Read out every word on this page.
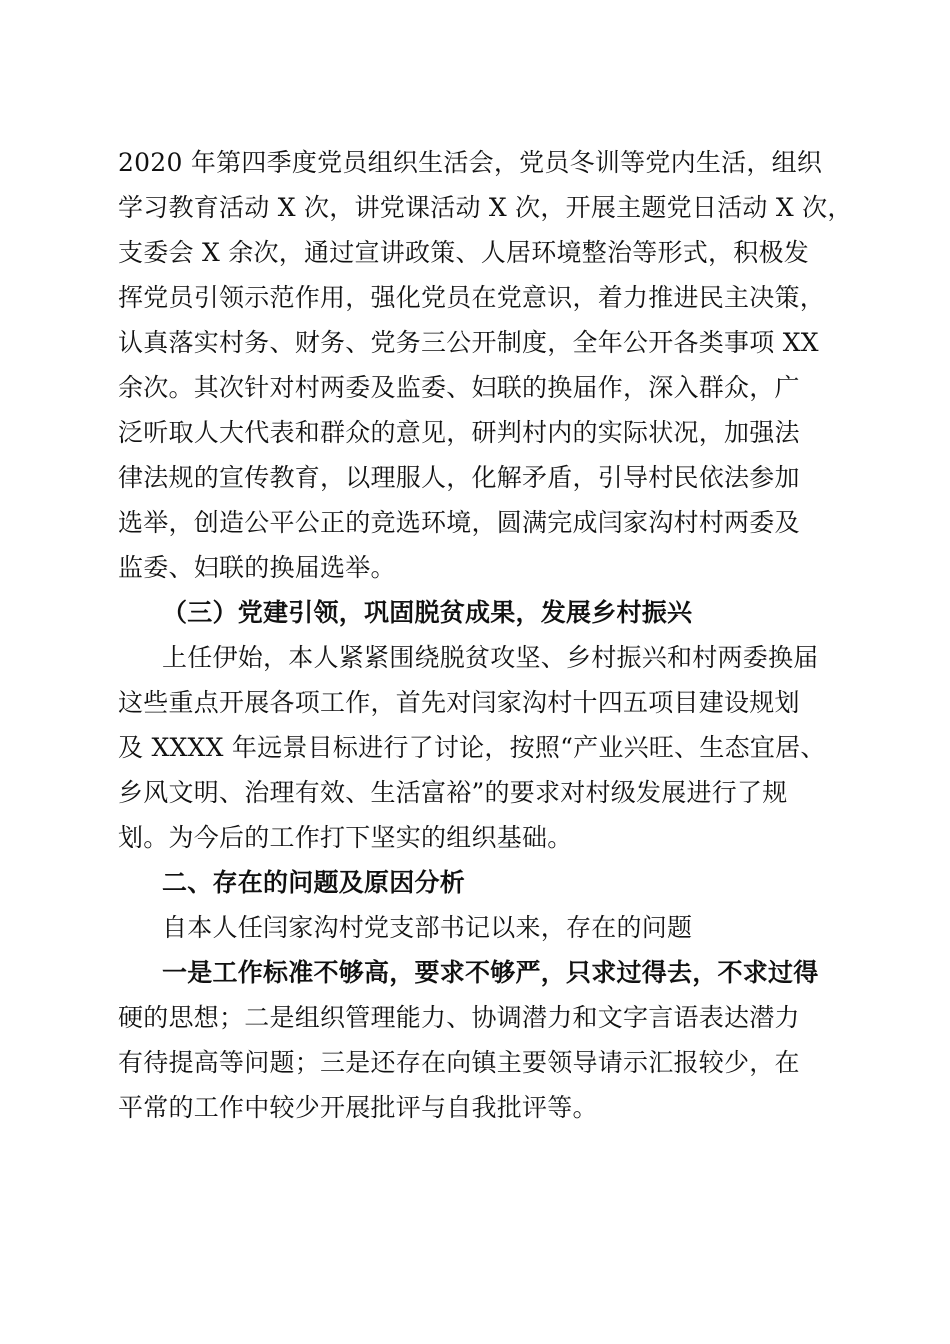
2020 年第四季度党员组织生活会，党员冬训等党内生活，组织
学习教育活动 X 次，讲党课活动 X 次，开展主题党日活动 X 次，
支委会 X 余次，通过宣讲政策、人居环境整治等形式，积极发
挥党员引领示范作用，强化党员在党意识，着力推进民主决策，
认真落实村务、财务、党务三公开制度，全年公开各类事项 XX
余次。其次针对村两委及监委、妇联的换届作，深入群众，广
泛听取人大代表和群众的意见，研判村内的实际状况，加强法
律法规的宣传教育，以理服人，化解矛盾，引导村民依法参加
选举，创造公平公正的竞选环境，圆满完成闫家沟村村两委及
监委、妇联的换届选举。
（三）党建引领，巩固脱贫成果，发展乡村振兴
上任伊始，本人紧紧围绕脱贫攻坚、乡村振兴和村两委换届
这些重点开展各项工作，首先对闫家沟村十四五项目建设规划
及 XXXX 年远景目标进行了讨论，按照“产业兴旺、生态宜居、
乡风文明、治理有效、生活富裕”的要求对村级发展进行了规
划。为今后的工作打下坚实的组织基础。
二、存在的问题及原因分析
自本人任闫家沟村党支部书记以来，存在的问题
一是工作标准不够高，要求不够严，只求过得去，不求过得
硬的思想；二是组织管理能力、协调潜力和文字言语表达潜力
有待提高等问题；三是还存在向镇主要领导请示汇报较少，在
平常的工作中较少开展批评与自我批评等。
